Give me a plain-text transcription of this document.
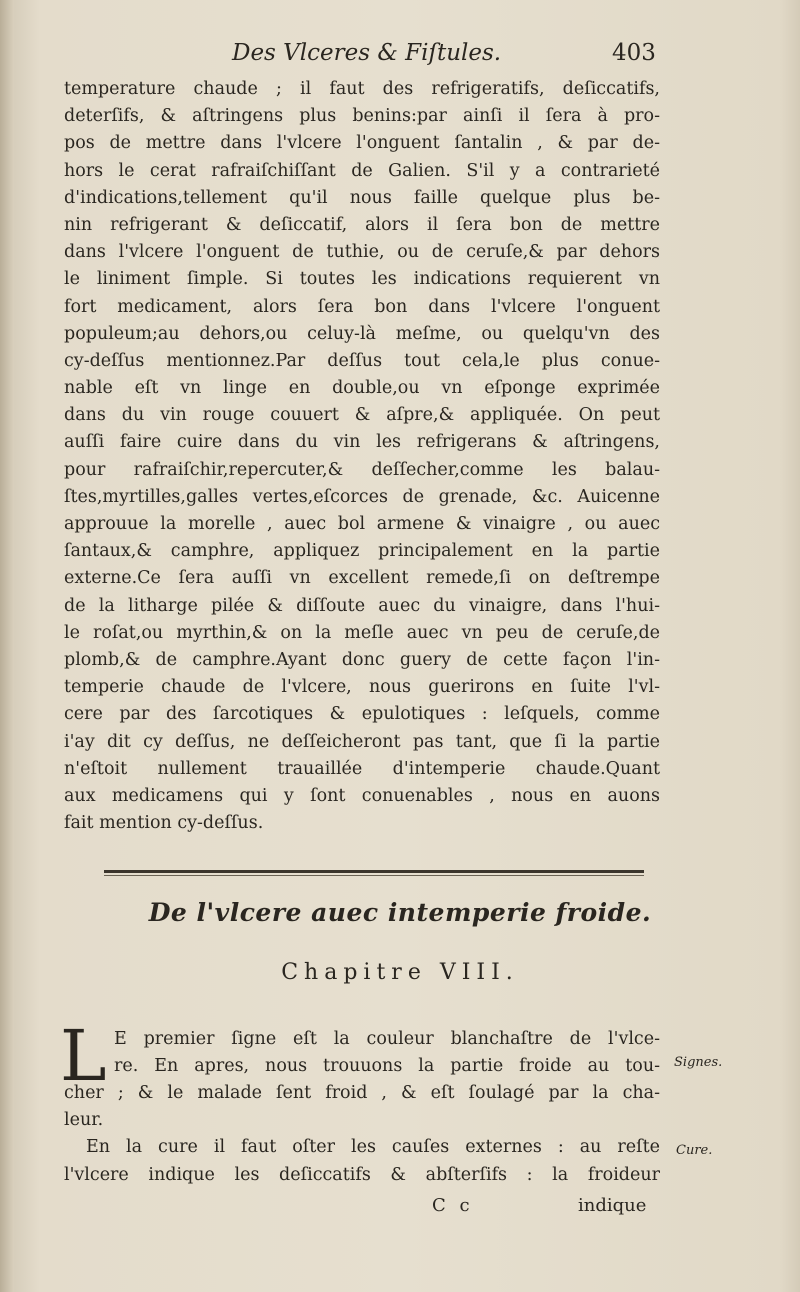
Des Vlceres & Fiſtules.	403
temperature chaude ; il faut des refrigeratifs, deſiccatifs,
deterſifs, & aſtringens plus benins:par ainſi il ſera à pro-
pos de mettre dans l'vlcere l'onguent ſantalin , & par de-
hors le cerat rafraiſchiſſant de Galien. S'il y a contrarieté
d'indications,tellement qu'il nous faille quelque plus be-
nin refrigerant & deſiccatif, alors il ſera bon de mettre
dans l'vlcere l'onguent de tuthie, ou de ceruſe,& par dehors
le liniment ſimple. Si toutes les indications requierent vn
fort medicament, alors ſera bon dans l'vlcere l'onguent
populeum;au dehors,ou celuy-là meſme, ou quelqu'vn des
cy-deſſus mentionnez.Par deſſus tout cela,le plus conue-
nable eſt vn linge en double,ou vn eſponge exprimée
dans du vin rouge couuert & aſpre,& appliquée. On peut
auſſi faire cuire dans du vin les refrigerans & aſtringens,
pour rafraiſchir,repercuter,& deſſecher,comme les balau-
ſtes,myrtilles,galles vertes,eſcorces de grenade, &c. Auicenne
approuue la morelle , auec bol armene & vinaigre , ou auec
ſantaux,& camphre, appliquez principalement en la partie
externe.Ce ſera auſſi vn excellent remede,ſi on deſtrempe
de la litharge pilée & diſſoute auec du vinaigre, dans l'hui-
le roſat,ou myrthin,& on la meſle auec vn peu de ceruſe,de
plomb,& de camphre.Ayant donc guery de cette façon l'in-
temperie chaude de l'vlcere, nous guerirons en ſuite l'vl-
cere par des ſarcotiques & epulotiques : leſquels, comme
i'ay dit cy deſſus, ne deſſeicheront pas tant, que ſi la partie
n'eſtoit nullement trauaillée d'intemperie chaude.Quant
aux medicamens qui y ſont conuenables , nous en auons
fait mention cy-deſſus.
De l'vlcere auec intemperie froide.
Chapitre VIII.
L E premier ſigne eſt la couleur blanchaſtre de l'vlce-
re. En apres, nous trouuons la partie froide au tou-
cher ; & le malade ſent froid , & eſt ſoulagé par la cha-
leur.
En la cure il faut oſter les cauſes externes : au reſte
l'vlcere indique les deſiccatifs & abſterſifs : la froideur
Signes.
Cure.
C c	indique
